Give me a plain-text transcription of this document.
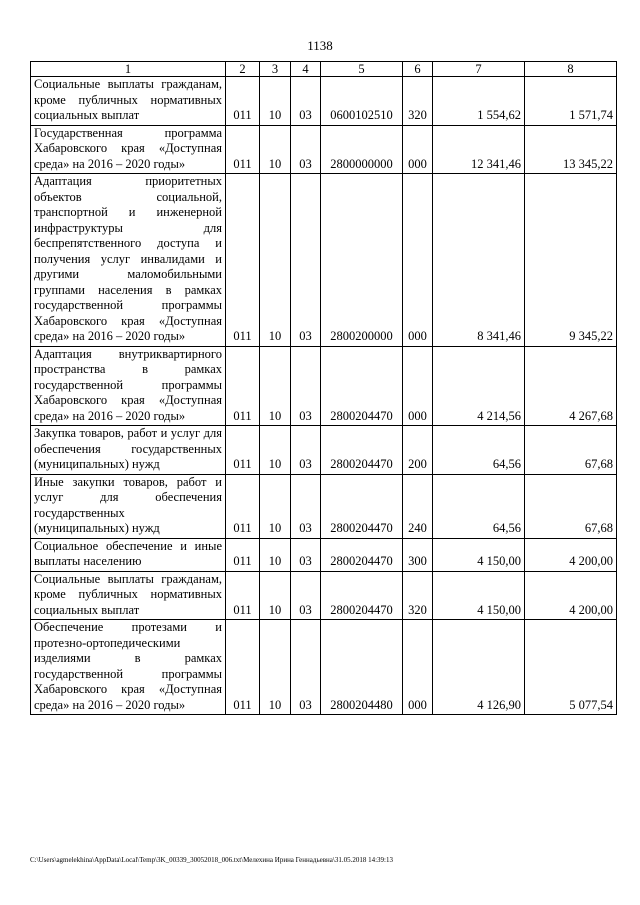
1138
1	2	3	4	5	6	7	8
Социальные выплаты гражданам, кроме публичных нормативных социальных выплат	011	10	03	0600102510	320	1 554,62	1 571,74
Государственная программа Хабаровского края «Доступная среда» на 2016 – 2020 годы»	011	10	03	2800000000	000	12 341,46	13 345,22
Адаптация приоритетных объектов социальной, транспортной и инженерной инфраструктуры для беспрепятственного доступа и получения услуг инвалидами и другими маломобильными группами населения в рамках государственной программы Хабаровского края «Доступная среда» на 2016 – 2020 годы»	011	10	03	2800200000	000	8 341,46	9 345,22
Адаптация внутриквартирного пространства в рамках государственной программы Хабаровского края «Доступная среда» на 2016 – 2020 годы»	011	10	03	2800204470	000	4 214,56	4 267,68
Закупка товаров, работ и услуг для обеспечения государственных (муниципальных) нужд	011	10	03	2800204470	200	64,56	67,68
Иные закупки товаров, работ и услуг для обеспечения государственных (муниципальных) нужд	011	10	03	2800204470	240	64,56	67,68
Социальное обеспечение и иные выплаты населению	011	10	03	2800204470	300	4 150,00	4 200,00
Социальные выплаты гражданам, кроме публичных нормативных социальных выплат	011	10	03	2800204470	320	4 150,00	4 200,00
Обеспечение протезами и протезно-ортопедическими изделиями в рамках государственной программы Хабаровского края «Доступная среда» на 2016 – 2020 годы»	011	10	03	2800204480	000	4 126,90	5 077,54
C:\Users\agmelekhina\AppData\Local\Temp\3K_00339_30052018_006.txt\Мелехина Ирина Геннадьевна\31.05.2018 14:39:13
